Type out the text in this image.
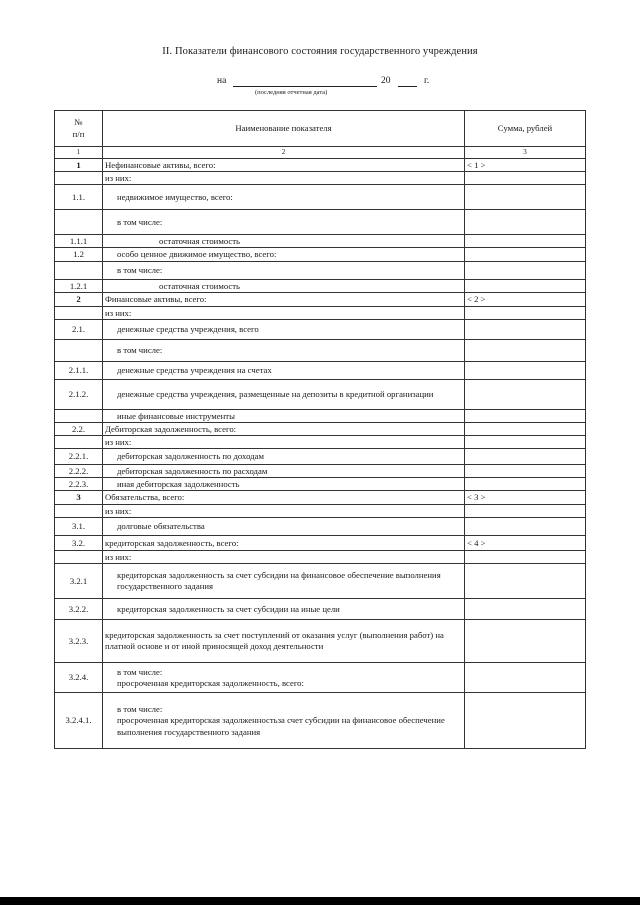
II. Показатели финансового состояния государственного учреждения
на	20	г.
(последняя отчетная дата)
№
п/п	Наименование показателя	Сумма, рублей
1	2	3
1	Нефинансовые активы, всего:	< 1 >
	из них:	
1.1.	недвижимое имущество, всего:	
	в том числе:	
1.1.1	остаточная стоимость	
1.2	особо ценное движимое имущество, всего:	
	в том числе:	
1.2.1	остаточная стоимость	
2	Финансовые активы, всего:	< 2 >
	из них:	
2.1.	денежные средства учреждения, всего	
	в том числе:	
2.1.1.	денежные средства учреждения на счетах	
2.1.2.	денежные средства учреждения, размещенные на депозиты в кредитной организации	
	иные финансовые инструменты	
2.2.	Дебиторская задолженность, всего:	
	из них:	
2.2.1.	дебиторская задолженность по доходам	
2.2.2.	дебиторская задолженность по расходам	
2.2.3.	иная дебиторская задолженность	
3	Обязательства, всего:	< 3 >
	из них:	
3.1.	долговые обязательства	
3.2.	кредиторская задолженность, всего:	< 4 >
	из них:	
3.2.1	кредиторская задолженность за счет субсидии на финансовое обеспечение выполнения государственного задания	
3.2.2.	кредиторская задолженность за счет субсидии на иные цели	
3.2.3.	кредиторская задолженность за счет поступлений от оказания услуг (выполнения работ) на платной основе и от иной приносящей доход деятельности	
3.2.4.	в том числе:
просроченная кредиторская задолженность, всего:	

3.2.4.1.	в том числе:
просроченная кредиторская задолженностьза счет субсидии на финансовое обеспечение выполнения государственного задания	
